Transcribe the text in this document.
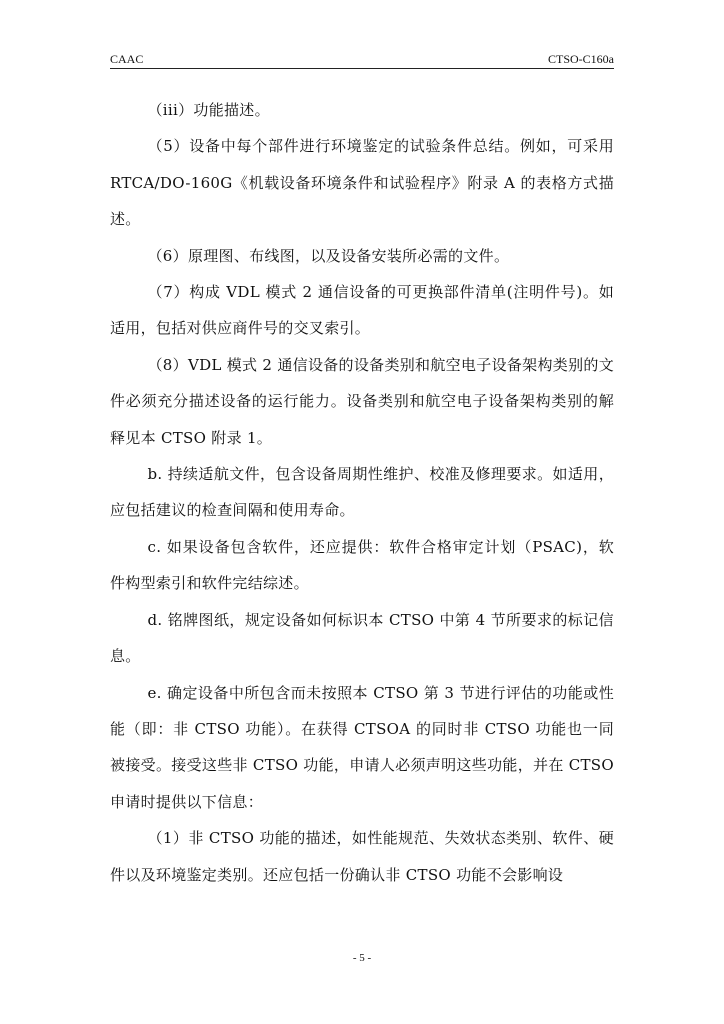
CAAC	CTSO-C160a

（iii）功能描述。

（5）设备中每个部件进行环境鉴定的试验条件总结。例如，可采用 RTCA/DO-160G《机载设备环境条件和试验程序》附录 A 的表格方式描述。

（6）原理图、布线图，以及设备安装所必需的文件。

（7）构成 VDL 模式 2 通信设备的可更换部件清单(注明件号)。如适用，包括对供应商件号的交叉索引。

（8）VDL 模式 2 通信设备的设备类别和航空电子设备架构类别的文件必须充分描述设备的运行能力。设备类别和航空电子设备架构类别的解释见本 CTSO 附录 1。

b. 持续适航文件，包含设备周期性维护、校准及修理要求。如适用，应包括建议的检查间隔和使用寿命。

c. 如果设备包含软件，还应提供：软件合格审定计划（PSAC)，软件构型索引和软件完结综述。

d. 铭牌图纸，规定设备如何标识本 CTSO 中第 4 节所要求的标记信息。

e. 确定设备中所包含而未按照本 CTSO 第 3 节进行评估的功能或性能（即：非 CTSO 功能）。在获得 CTSOA 的同时非 CTSO 功能也一同被接受。接受这些非 CTSO 功能，申请人必须声明这些功能，并在 CTSO 申请时提供以下信息：

（1）非 CTSO 功能的描述，如性能规范、失效状态类别、软件、硬件以及环境鉴定类别。还应包括一份确认非 CTSO 功能不会影响设

- 5 -
